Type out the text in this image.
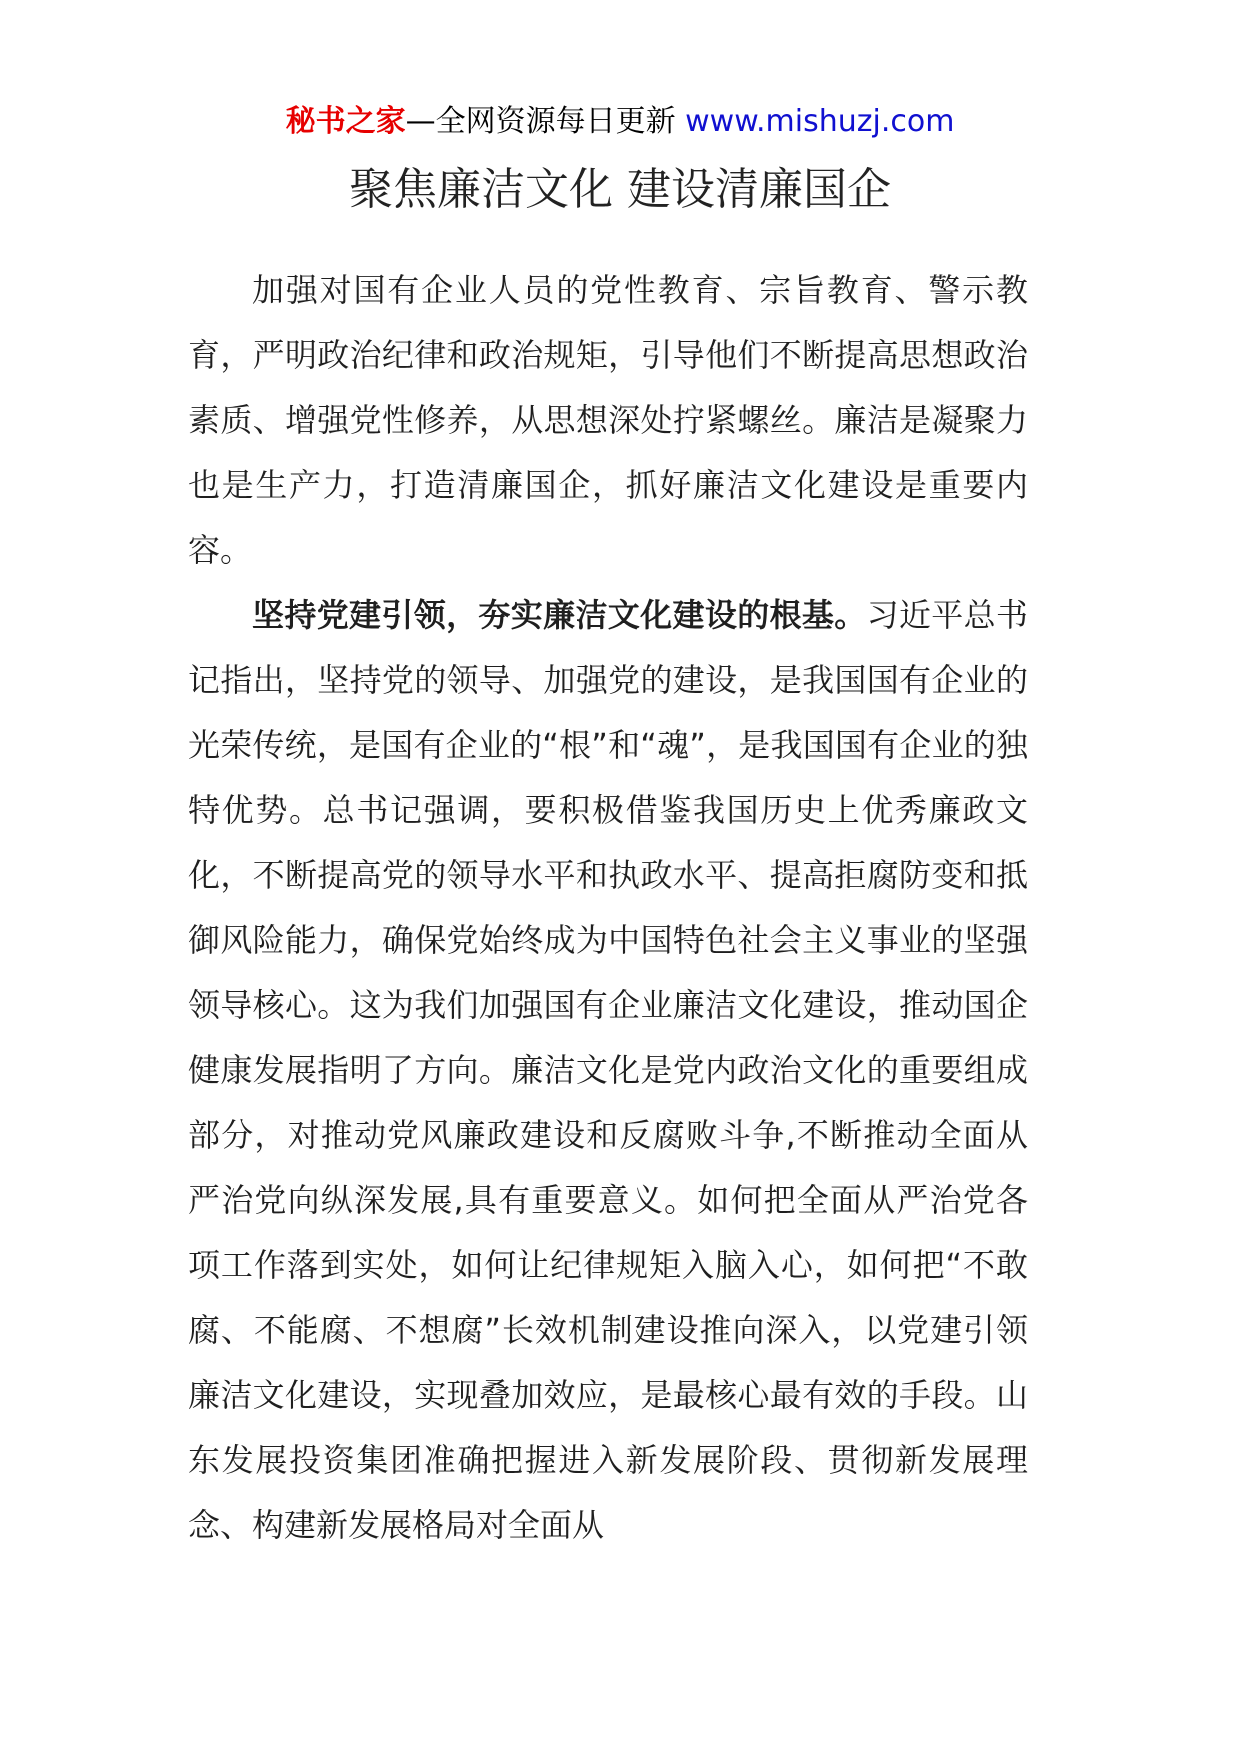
秘书之家—全网资源每日更新 www.mishuzj.com
聚焦廉洁文化 建设清廉国企

加强对国有企业人员的党性教育、宗旨教育、警示教育，严明政治纪律和政治规矩，引导他们不断提高思想政治素质、增强党性修养，从思想深处拧紧螺丝。廉洁是凝聚力也是生产力，打造清廉国企，抓好廉洁文化建设是重要内容。

坚持党建引领，夯实廉洁文化建设的根基。习近平总书记指出，坚持党的领导、加强党的建设，是我国国有企业的光荣传统，是国有企业的“根”和“魂”，是我国国有企业的独特优势。总书记强调，要积极借鉴我国历史上优秀廉政文化，不断提高党的领导水平和执政水平、提高拒腐防变和抵御风险能力，确保党始终成为中国特色社会主义事业的坚强领导核心。这为我们加强国有企业廉洁文化建设，推动国企健康发展指明了方向。廉洁文化是党内政治文化的重要组成部分，对推动党风廉政建设和反腐败斗争,不断推动全面从严治党向纵深发展,具有重要意义。如何把全面从严治党各项工作落到实处，如何让纪律规矩入脑入心，如何把“不敢腐、不能腐、不想腐”长效机制建设推向深入，以党建引领廉洁文化建设，实现叠加效应，是最核心最有效的手段。山东发展投资集团准确把握进入新发展阶段、贯彻新发展理念、构建新发展格局对全面从
